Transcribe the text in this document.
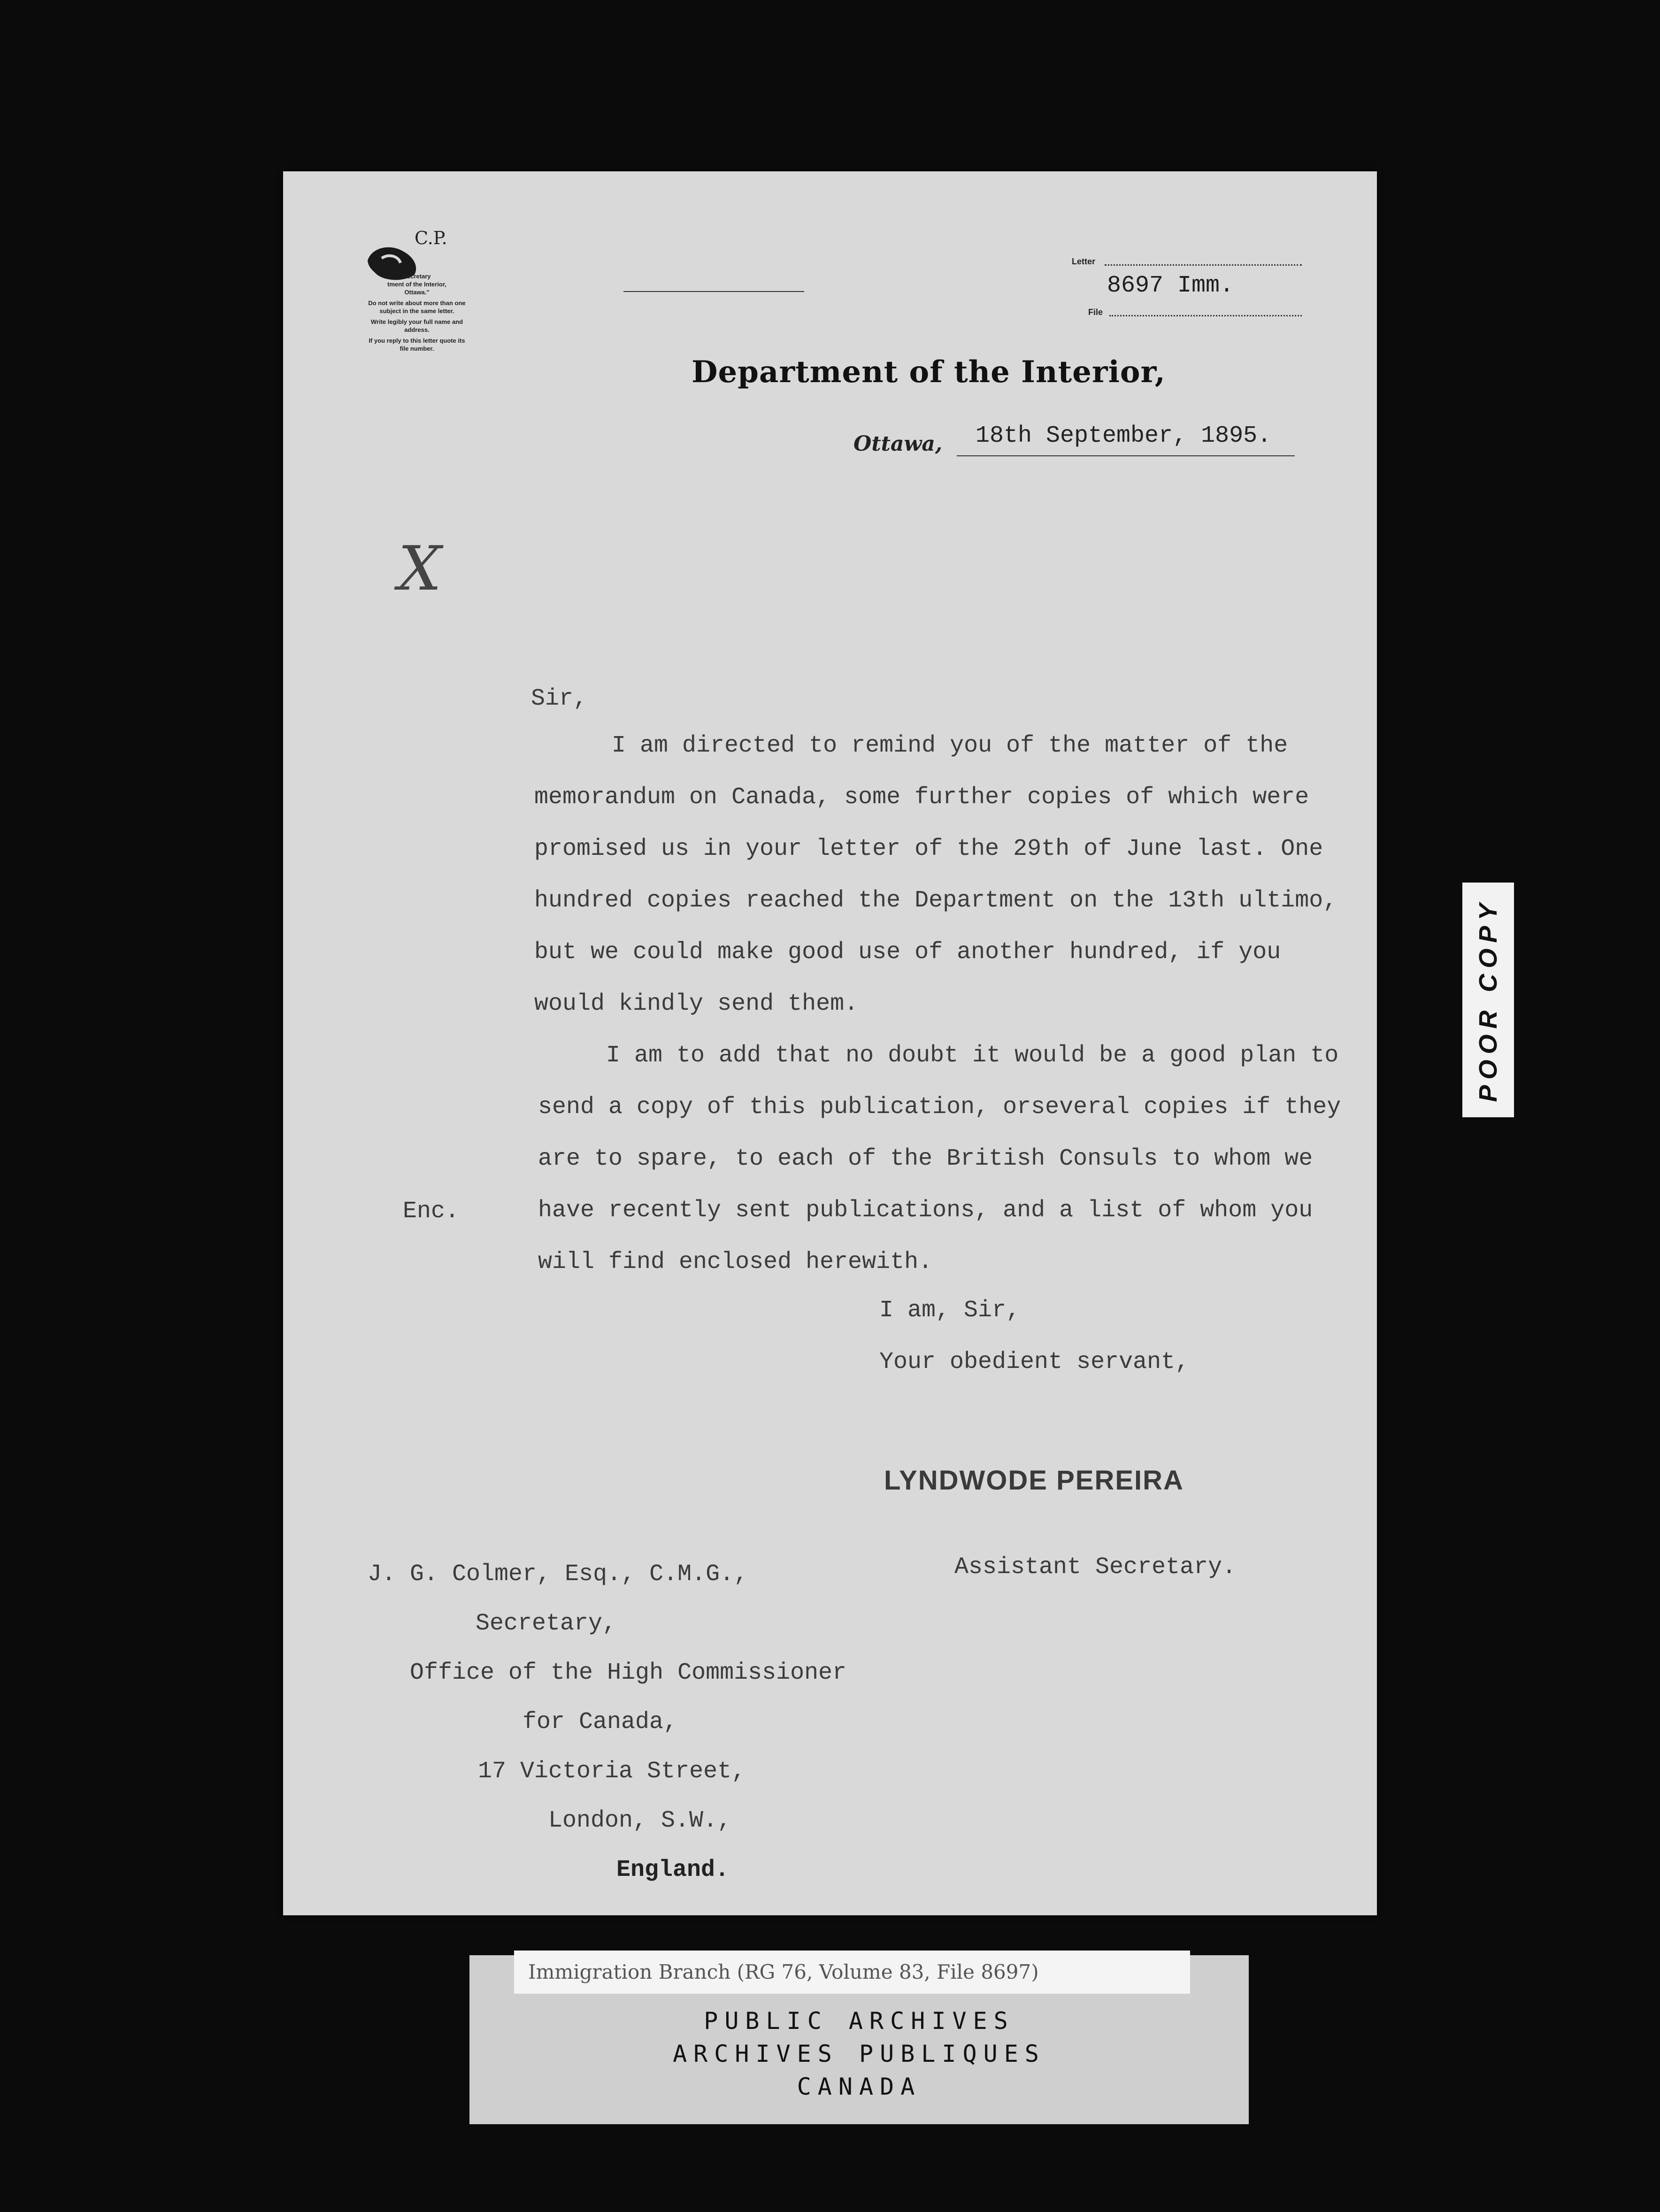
C.P.
Secretary
tment of the Interior,
Ottawa."
Do not write about more than one
subject in the same letter.
Write legibly your full name and
address.
If you reply to this letter quote its
file number.
Letter
8697 Imm.
File
Department of the Interior,
Ottawa, 18th September, 1895.
X
Sir,
I am directed to remind you of the matter of the
memorandum on Canada, some further copies of which were
promised us in your letter of the 29th of June last. One
hundred copies reached the Department on the 13th ultimo,
but we could make good use of another hundred, if you
would kindly send them.
I am to add that no doubt it would be a good plan to
send a copy of this publication, orseveral copies if they
are to spare, to each of the British Consuls to whom we
have recently sent publications, and a list of whom you
will find enclosed herewith.
Enc.
I am, Sir,
Your obedient servant,
LYNDWODE PEREIRA
Assistant Secretary.
J. G. Colmer, Esq., C.M.G.,
Secretary,
Office of the High Commissioner
for Canada,
17 Victoria Street,
London, S.W.,
England.
POOR COPY
Immigration Branch (RG 76, Volume 83, File 8697)
PUBLIC ARCHIVES
ARCHIVES PUBLIQUES
CANADA
